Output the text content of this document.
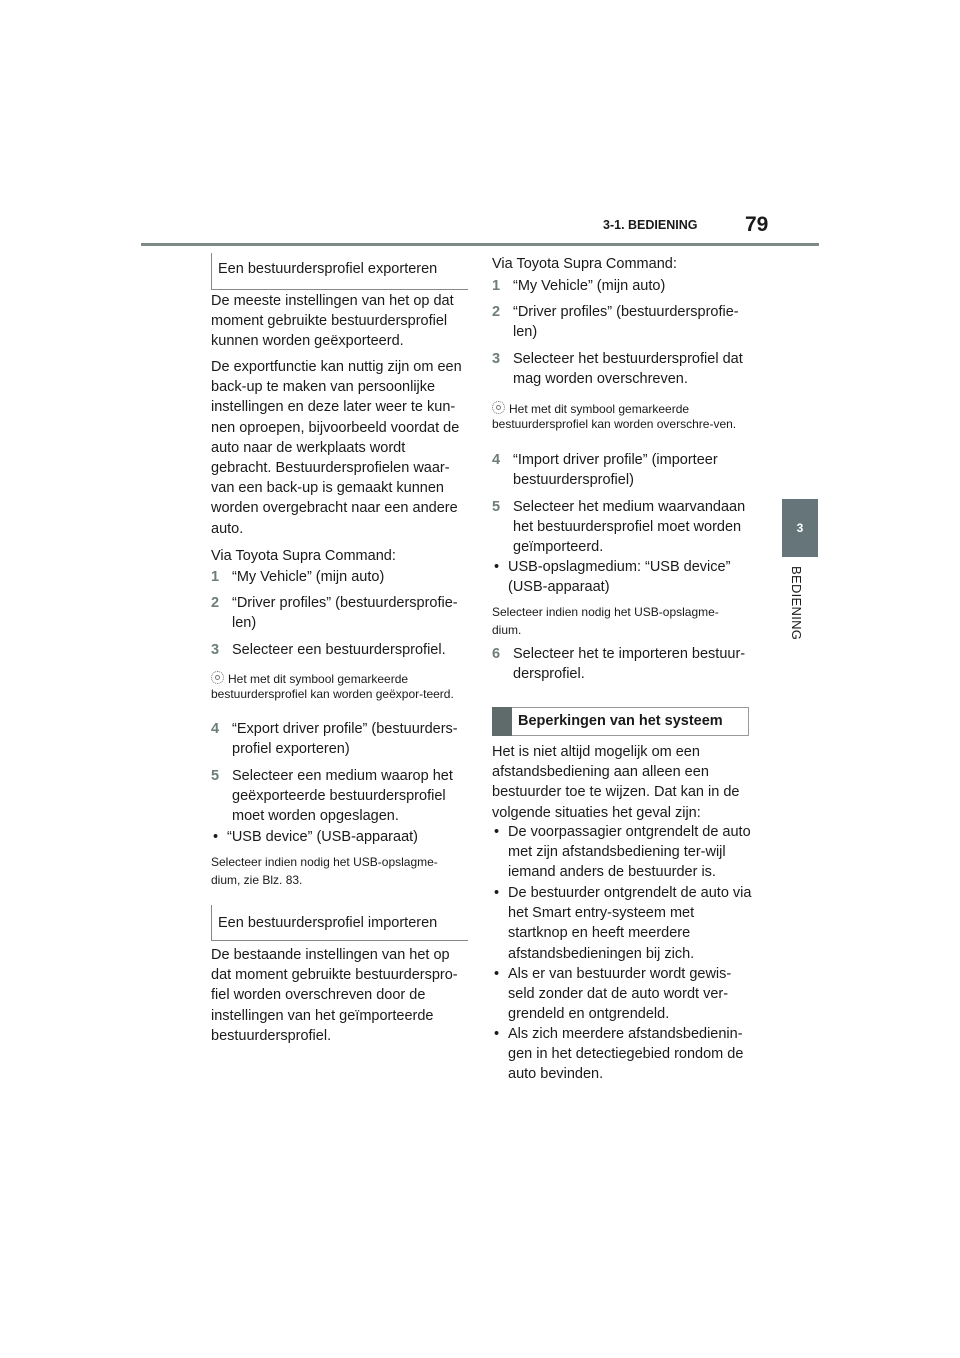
3-1. BEDIENING 79
3
BEDIENING
Een bestuurdersprofiel exporteren
De meeste instellingen van het op dat moment gebruikte bestuurdersprofiel kunnen worden geëxporteerd.
De exportfunctie kan nuttig zijn om een back-up te maken van persoonlijke instellingen en deze later weer te kun-nen oproepen, bijvoorbeeld voordat de auto naar de werkplaats wordt gebracht. Bestuurdersprofielen waar-van een back-up is gemaakt kunnen worden overgebracht naar een andere auto.
Via Toyota Supra Command:
1 “My Vehicle” (mijn auto)
2 “Driver profiles” (bestuurdersprofie-len)
3 Selecteer een bestuurdersprofiel.
Het met dit symbool gemarkeerde bestuurdersprofiel kan worden geëxpor-teerd.
4 “Export driver profile” (bestuurders-profiel exporteren)
5 Selecteer een medium waarop het geëxporteerde bestuurdersprofiel moet worden opgeslagen.
• “USB device” (USB-apparaat)
Selecteer indien nodig het USB-opslagme-dium, zie Blz. 83.
Een bestuurdersprofiel importeren
De bestaande instellingen van het op dat moment gebruikte bestuurderspro-fiel worden overschreven door de instellingen van het geïmporteerde bestuurdersprofiel.
Via Toyota Supra Command:
1 “My Vehicle” (mijn auto)
2 “Driver profiles” (bestuurdersprofie-len)
3 Selecteer het bestuurdersprofiel dat mag worden overschreven.
Het met dit symbool gemarkeerde bestuurdersprofiel kan worden overschre-ven.
4 “Import driver profile” (importeer bestuurdersprofiel)
5 Selecteer het medium waarvandaan het bestuurdersprofiel moet worden geïmporteerd.
• USB-opslagmedium: “USB device” (USB-apparaat)
Selecteer indien nodig het USB-opslagme-dium.
6 Selecteer het te importeren bestuur-dersprofiel.
Beperkingen van het systeem
Het is niet altijd mogelijk om een afstandsbediening aan alleen een bestuurder toe te wijzen. Dat kan in de volgende situaties het geval zijn:
• De voorpassagier ontgrendelt de auto met zijn afstandsbediening ter-wijl iemand anders de bestuurder is.
• De bestuurder ontgrendelt de auto via het Smart entry-systeem met startknop en heeft meerdere afstandsbedieningen bij zich.
• Als er van bestuurder wordt gewis-seld zonder dat de auto wordt ver-grendeld en ontgrendeld.
• Als zich meerdere afstandsbedienin-gen in het detectiegebied rondom de auto bevinden.
